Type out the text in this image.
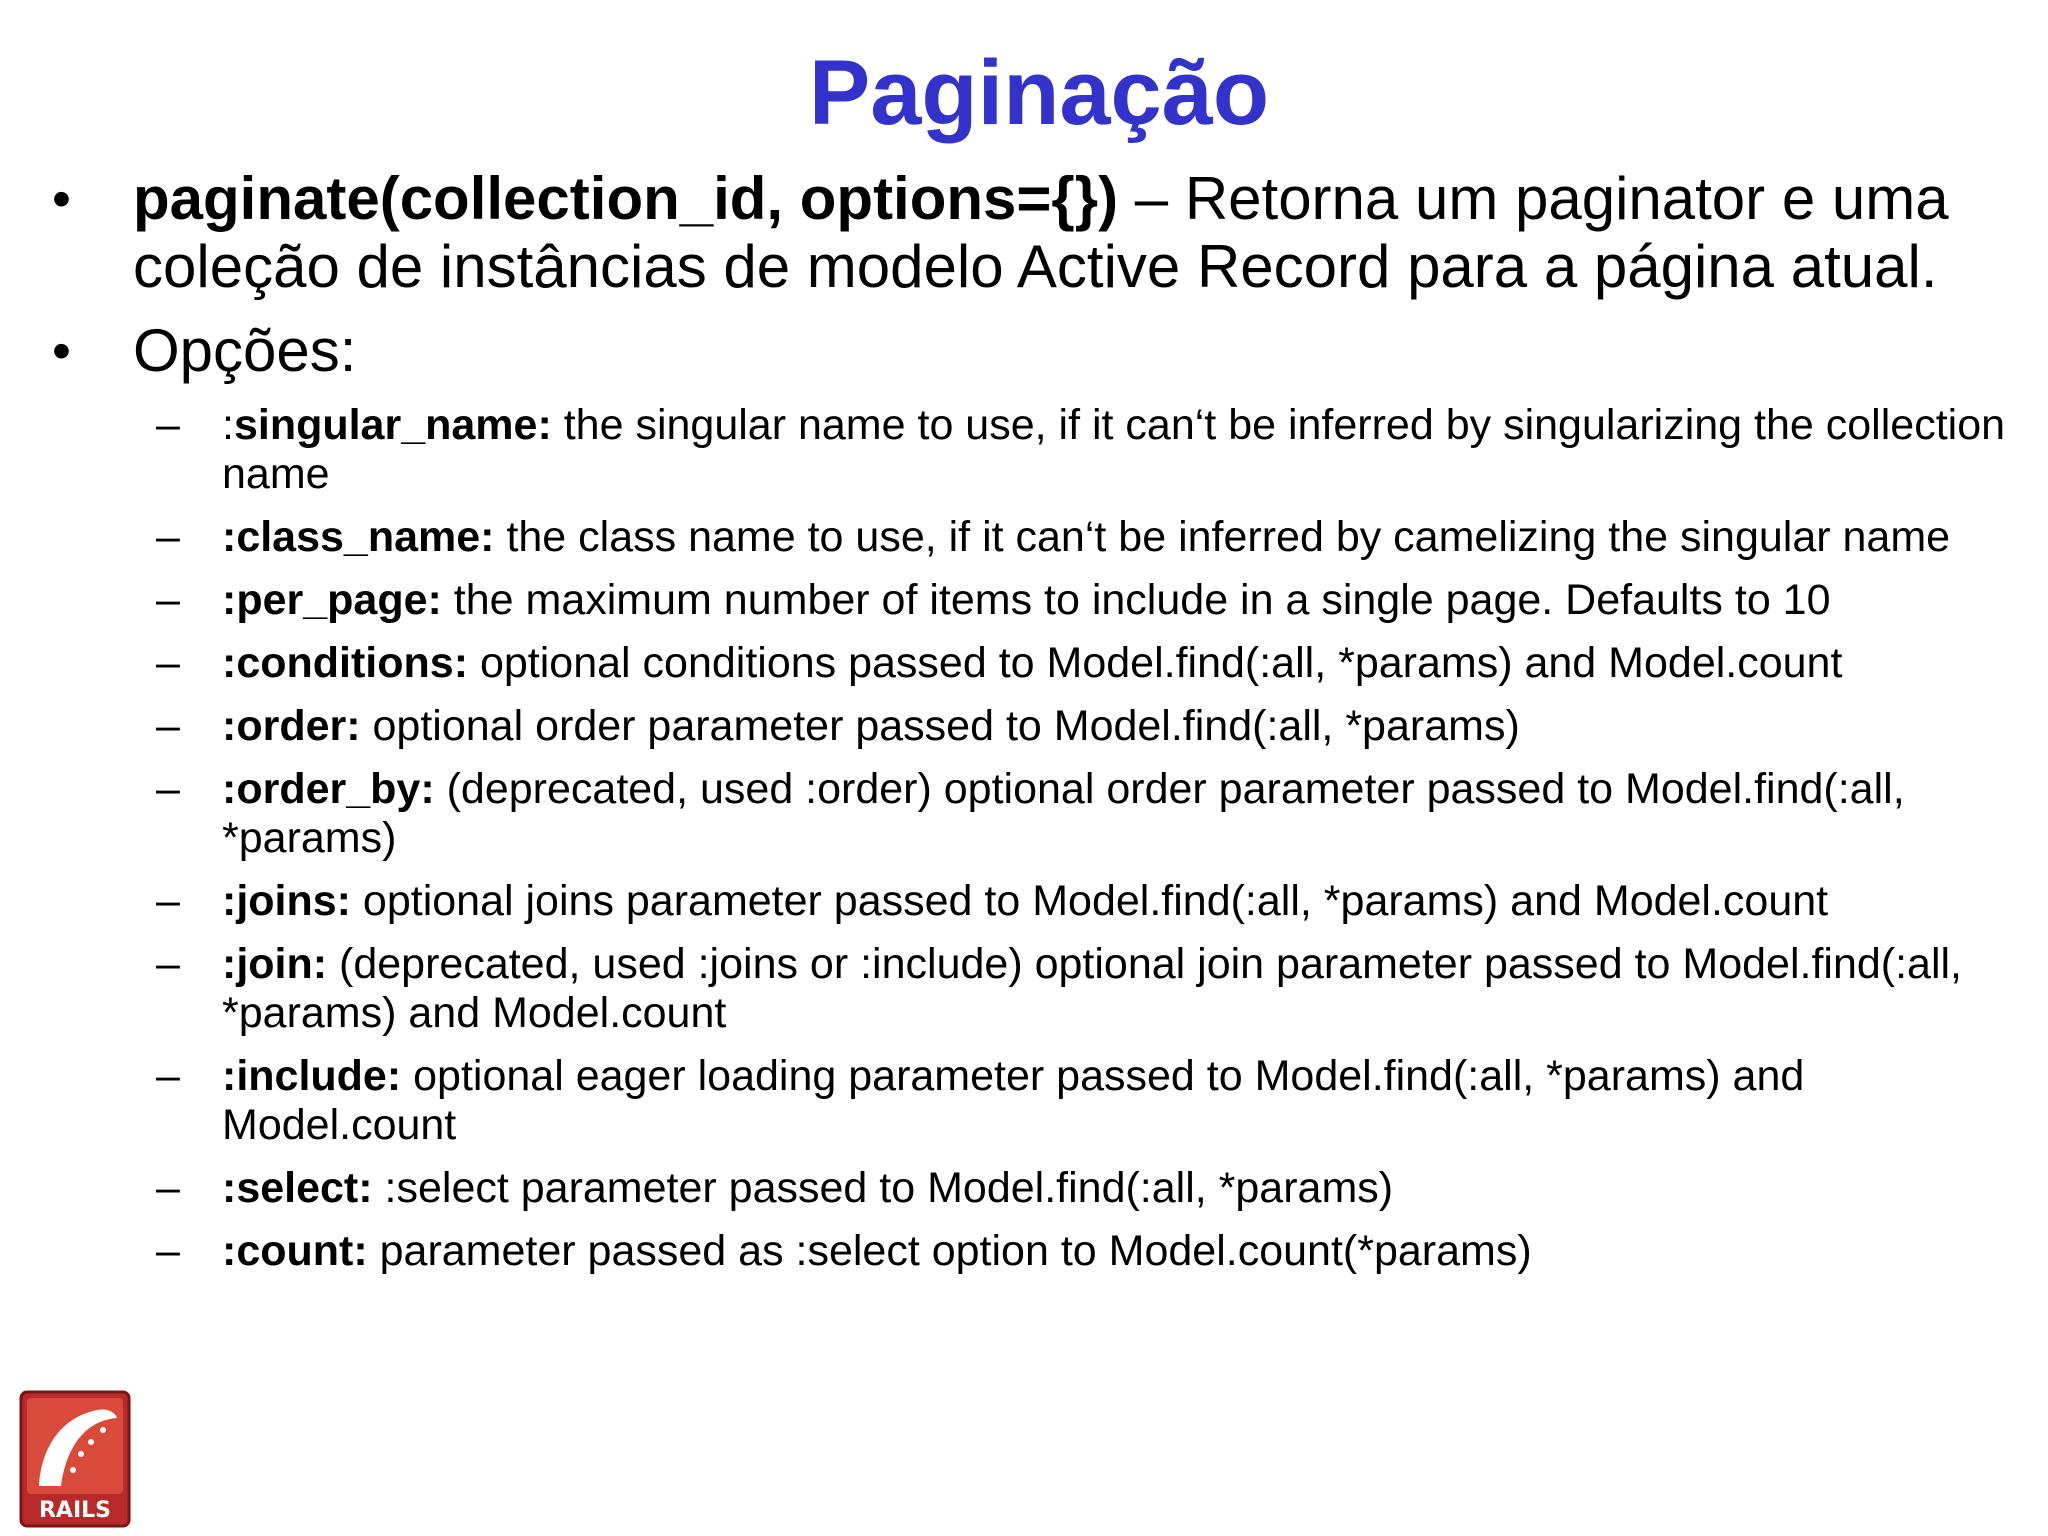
Paginação
• paginate(collection_id, options={}) – Retorna um paginator e uma coleção de instâncias de modelo Active Record para a página atual.
• Opções:
– :singular_name: the singular name to use, if it can‘t be inferred by singularizing the collection name
– :class_name: the class name to use, if it can‘t be inferred by camelizing the singular name
– :per_page: the maximum number of items to include in a single page. Defaults to 10
– :conditions: optional conditions passed to Model.find(:all, *params) and Model.count
– :order: optional order parameter passed to Model.find(:all, *params)
– :order_by: (deprecated, used :order) optional order parameter passed to Model.find(:all, *params)
– :joins: optional joins parameter passed to Model.find(:all, *params) and Model.count
– :join: (deprecated, used :joins or :include) optional join parameter passed to Model.find(:all, *params) and Model.count
– :include: optional eager loading parameter passed to Model.find(:all, *params) and Model.count
– :select: :select parameter passed to Model.find(:all, *params)
– :count: parameter passed as :select option to Model.count(*params)
RAILS
